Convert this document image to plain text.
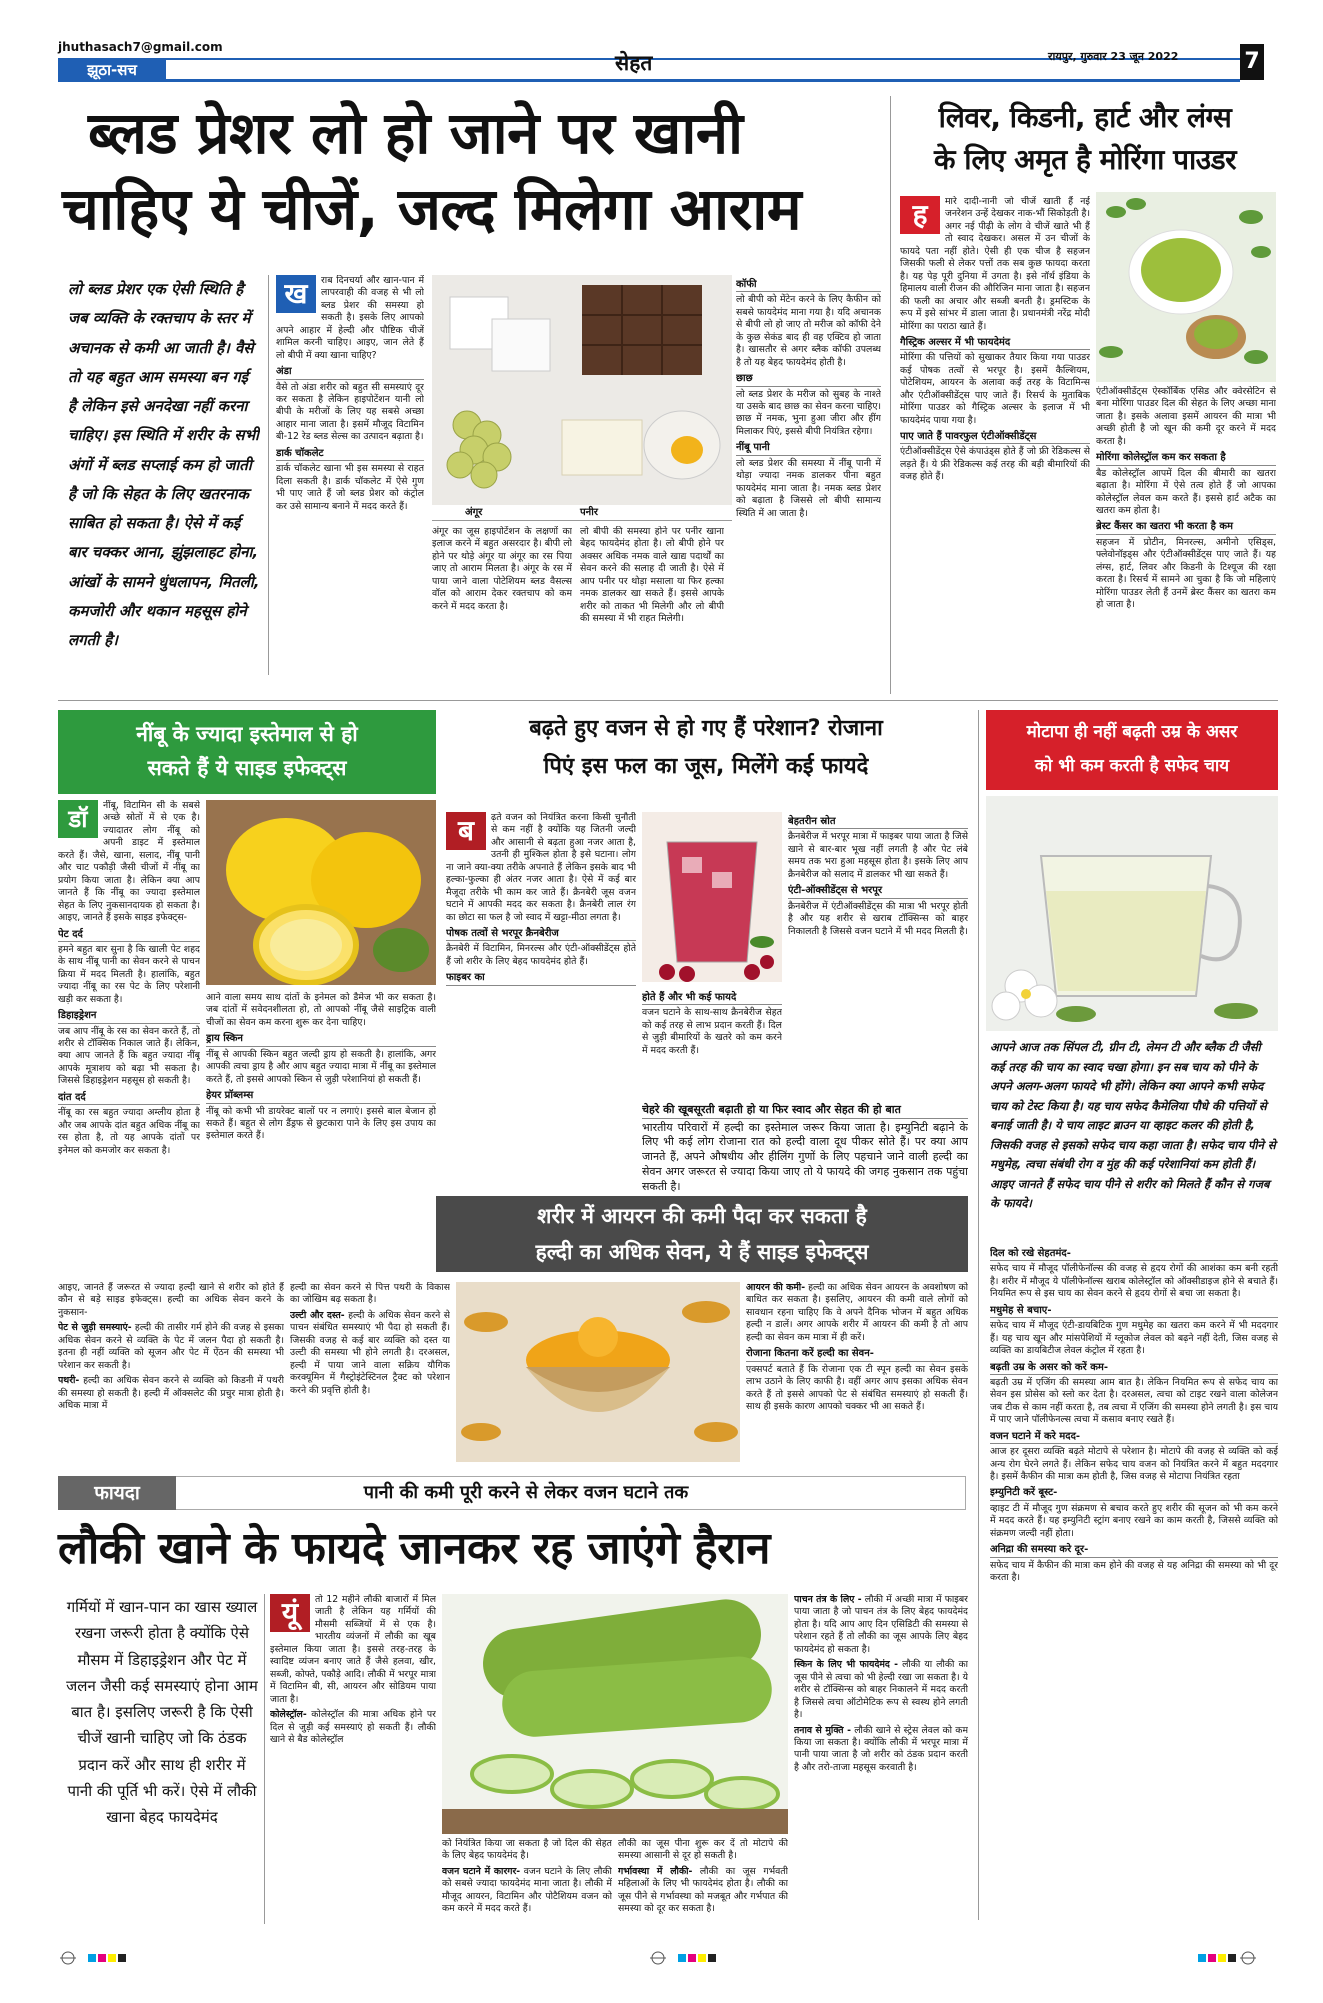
jhuthasach7@gmail.com
झूठा-सच	सेहत	रायपुर, गुरुवार 23 जून 2022	7
ब्लड प्रेशर लो हो जाने पर खानी
चाहिए ये चीजें, जल्द मिलेगा आराम
लो ब्लड प्रेशर एक ऐसी स्थिति है जब व्यक्ति के रक्तचाप के स्तर में अचानक से कमी आ जाती है। वैसे तो यह बहुत आम समस्या बन गई है लेकिन इसे अनदेखा नहीं करना चाहिए। इस स्थिति में शरीर के सभी अंगों में ब्लड सप्लाई कम हो जाती है जो कि सेहत के लिए खतरनाक साबित हो सकता है। ऐसे में कई बार चक्कर आना, झुंझलाहट होना, आंखों के सामने धुंधलापन, मितली, कमजोरी और थकान महसूस होने लगती है।
ख	राब दिनचर्या और खान-पान में लापरवाही की वजह से भी लो ब्लड प्रेशर की समस्या हो सकती है। इसके लिए आपको अपने आहार में हेल्दी और पौष्टिक चीजें शामिल करनी चाहिए। आइए, जान लेते हैं लो बीपी में क्या खाना चाहिए?

अंडा

वैसे तो अंडा शरीर को बहुत सी समस्याएं दूर कर सकता है लेकिन हाइपोटेंशन यानी लो बीपी के मरीजों के लिए यह सबसे अच्छा आहार माना जाता है। इसमें मौजूद विटामिन बी-12 रेड ब्लड सेल्स का उत्पादन बढ़ाता है।

डार्क चॉकलेट

डार्क चॉकलेट खाना भी इस समस्या से राहत दिला सकती है। डार्क चॉकलेट में ऐसे गुण भी पाए जाते हैं जो ब्लड प्रेशर को कंट्रोल कर उसे सामान्य बनाने में मदद करते हैं।

अंगूर	पनीर
अंगूर का जूस हाइपोटेंशन के लक्षणों का इलाज करने में बहुत असरदार है। बीपी लो होने पर थोड़े अंगूर या अंगूर का रस पिया जाए तो आराम मिलता है। अंगूर के रस में पाया जाने वाला पोटेशियम ब्लड वैसल्स वॉल को आराम देकर रक्तचाप को कम करने में मदद करता है।
लो बीपी की समस्या होने पर पनीर खाना बेहद फायदेमंद होता है। लो बीपी होने पर अक्सर अधिक नमक वाले खाद्य पदार्थों का सेवन करने की सलाह दी जाती है। ऐसे में आप पनीर पर थोड़ा मसाला या फिर हल्का नमक डालकर खा सकते हैं। इससे आपके शरीर को ताकत भी मिलेगी और लो बीपी की समस्या में भी राहत मिलेगी।
कॉफी

लो बीपी को मेंटेन करने के लिए कैफीन को सबसे फायदेमंद माना गया है। यदि अचानक से बीपी लो हो जाए तो मरीज को कॉफी देने के कुछ सेकंड बाद ही वह एक्टिव हो जाता है। खासतौर से अगर ब्लैक कॉफी उपलब्ध है तो यह बेहद फायदेमंद होती है।

छाछ

लो ब्लड प्रेशर के मरीज को सुबह के नाश्ते या उसके बाद छाछ का सेवन करना चाहिए। छाछ में नमक, भुना हुआ जीरा और हींग मिलाकर पिएं, इससे बीपी नियंत्रित रहेगा।

नींबू पानी

लो ब्लड प्रेशर की समस्या में नींबू पानी में थोड़ा ज्यादा नमक डालकर पीना बहुत फायदेमंद माना जाता है। नमक ब्लड प्रेशर को बढ़ाता है जिससे लो बीपी सामान्य स्थिति में आ जाता है।

लिवर, किडनी, हार्ट और लंग्स
के लिए अमृत है मोरिंगा पाउडर
ह	मारे दादी-नानी जो चीजें खाती हैं नई जनरेशन उन्हें देखकर नाक-भौं सिकोड़ती है। अगर नई पीढ़ी के लोग वे चीजें खाते भी हैं तो स्वाद देखकर। असल में उन चीजों के फायदे पता नहीं होते। ऐसी ही एक चीज है सहजन जिसकी फली से लेकर पत्तों तक सब कुछ फायदा करता है। यह पेड़ पूरी दुनिया में उगता है। इसे नॉर्थ इंडिया के हिमालय वाली रीजन की औरिजिन माना जाता है। सहजन की फली का अचार और सब्जी बनती है। ड्रमस्टिक के रूप में इसे सांभर में डाला जाता है। प्रधानमंत्री नरेंद्र मोदी मोरिंगा का पराठा खाते हैं।

गैस्ट्रिक अल्सर में भी फायदेमंद

मोरिंगा की पत्तियों को सुखाकर तैयार किया गया पाउडर कई पोषक तत्वों से भरपूर है। इसमें कैल्शियम, पोटेशियम, आयरन के अलावा कई तरह के विटामिन्स और एंटीऑक्सीडेंट्स पाए जाते हैं। रिसर्च के मुताबिक मोरिंगा पाउडर को गैस्ट्रिक अल्सर के इलाज में भी फायदेमंद पाया गया है।

पाए जाते हैं पावरफुल एंटीऑक्सीडेंट्स

एंटीऑक्सीडेंट्स ऐसे कंपाउंड्स होते हैं जो फ्री रेडिकल्स से लड़ते हैं। ये फ्री रेडिकल्स कई तरह की बड़ी बीमारियों की वजह होते हैं।

एंटीऑक्सीडेंट्स ऐस्कॉर्बिक एसिड और क्वेरसेटिन से बना मोरिंगा पाउडर दिल की सेहत के लिए अच्छा माना जाता है। इसके अलावा इसमें आयरन की मात्रा भी अच्छी होती है जो खून की कमी दूर करने में मदद करता है।

मोरिंगा कोलेस्ट्रॉल कम कर सकता है

बैड कोलेस्ट्रॉल आपमें दिल की बीमारी का खतरा बढ़ाता है। मोरिंगा में ऐसे तत्व होते हैं जो आपका कोलेस्ट्रॉल लेवल कम करते हैं। इससे हार्ट अटैक का खतरा कम होता है।

ब्रेस्ट कैंसर का खतरा भी करता है कम

सहजन में प्रोटीन, मिनरल्स, अमीनो एसिड्स, फ्लेवोनॉइड्स और एंटीऑक्सीडेंट्स पाए जाते हैं। यह लंग्स, हार्ट, लिवर और किडनी के टिश्यूज की रक्षा करता है। रिसर्च में सामने आ चुका है कि जो महिलाएं मोरिंगा पाउडर लेती हैं उनमें ब्रेस्ट कैंसर का खतरा कम हो जाता है।

नींबू के ज्यादा इस्तेमाल से हो
सकते हैं ये साइड इफेक्ट्स
डॉ	नींबू, विटामिन सी के सबसे अच्छे स्रोतों में से एक है। ज्यादातर लोग नींबू को अपनी डाइट में इस्तेमाल करते हैं। जैसे, खाना, सलाद, नींबू पानी और चाट पकौड़ी जैसी चीजों में नींबू का प्रयोग किया जाता है। लेकिन क्या आप जानते हैं कि नींबू का ज्यादा इस्तेमाल सेहत के लिए नुकसानदायक हो सकता है। आइए, जानते हैं इसके साइड इफेक्ट्स-

पेट दर्द

हमने बहुत बार सुना है कि खाली पेट शहद के साथ नींबू पानी का सेवन करने से पाचन क्रिया में मदद मिलती है। हालांकि, बहुत ज्यादा नींबू का रस पेट के लिए परेशानी खड़ी कर सकता है।

डिहाइड्रेशन

जब आप नींबू के रस का सेवन करते हैं, तो शरीर से टॉक्सिक निकाल जाते हैं। लेकिन, क्या आप जानते हैं कि बहुत ज्यादा नींबू आपके मूत्राशय को बढ़ा भी सकता है। जिससे डिहाइड्रेशन महसूस हो सकती है।

दांत दर्द

नींबू का रस बहुत ज्यादा अम्लीय होता है और जब आपके दांत बहुत अधिक नींबू का रस होता है, तो यह आपके दांतों पर इनेमल को कमजोर कर सकता है।

आने वाला समय साथ दांतों के इनेमल को डैमेज भी कर सकता है। जब दांतों में सवेदनशीलता हो, तो आपको नींबू जैसे साइट्रिक वाली चीजों का सेवन कम करना शुरू कर देना चाहिए।

ड्राय स्किन

नींबू से आपकी स्किन बहुत जल्दी ड्राय हो सकती है। हालांकि, अगर आपकी त्वचा ड्राय है और आप बहुत ज्यादा मात्रा में नींबू का इस्तेमाल करते हैं, तो इससे आपको स्किन से जुड़ी परेशानियां हो सकती हैं।

हेयर प्रॉब्लम्स

नींबू को कभी भी डायरेक्ट बालों पर न लगाएं। इससे बाल बेजान हो सकते हैं। बहुत से लोग डैंड्रफ से छुटकारा पाने के लिए इस उपाय का इस्तेमाल करते हैं।

बढ़ते हुए वजन से हो गए हैं परेशान? रोजाना
पिएं इस फल का जूस, मिलेंगे कई फायदे
ब	ढ़ते वजन को नियंत्रित करना किसी चुनौती से कम नहीं है क्योंकि यह जितनी जल्दी और आसानी से बढ़ता हुआ नजर आता है, उतनी ही मुश्किल होता है इसे घटाना। लोग ना जाने क्या-क्या तरीके अपनाते हैं लेकिन इसके बाद भी हल्का-फुल्का ही अंतर नजर आता है। ऐसे में कई बार मैजूदा तरीके भी काम कर जाते हैं। क्रैनबेरी जूस वजन घटाने में आपकी मदद कर सकता है। क्रैनबेरी लाल रंग का छोटा सा फल है जो स्वाद में खट्टा-मीठा लगता है।

पोषक तत्वों से भरपूर क्रैनबेरीज

क्रैनबेरी में विटामिन, मिनरल्स और एंटी-ऑक्सीडेंट्स होते हैं जो शरीर के लिए बेहद फायदेमंद होते हैं।

फाइबर का
बेहतरीन स्रोत

क्रैनबेरीज में भरपूर मात्रा में फाइबर पाया जाता है जिसे खाने से बार-बार भूख नहीं लगती है और पेट लंबे समय तक भरा हुआ महसूस होता है। इसके लिए आप क्रैनबेरीज को सलाद में डालकर भी खा सकते हैं।

एंटी-ऑक्सीडेंट्स से भरपूर

क्रैनबेरीज में एंटीऑक्सीडेंट्स की मात्रा भी भरपूर होती है और यह शरीर से खराब टॉक्सिन्स को बाहर निकालती है जिससे वजन घटाने में भी मदद मिलती है।

होते हैं और भी कई फायदे

वजन घटाने के साथ-साथ क्रैनबेरीज सेहत को कई तरह से लाभ प्रदान करती हैं। दिल से जुड़ी बीमारियों के खतरे को कम करने में मदद करती हैं।

चेहरे की खूबसूरती बढ़ाती हो या फिर स्वाद और सेहत की हो बात

भारतीय परिवारों में हल्दी का इस्तेमाल जरूर किया जाता है। इम्युनिटी बढ़ाने के लिए भी कई लोग रोजाना रात को हल्दी वाला दूध पीकर सोते हैं। पर क्या आप जानते हैं, अपने औषधीय और हीलिंग गुणों के लिए पहचाने जाने वाली हल्दी का सेवन अगर जरूरत से ज्यादा किया जाए तो ये फायदे की जगह नुकसान तक पहुंचा सकती है।

शरीर में आयरन की कमी पैदा कर सकता है
हल्दी का अधिक सेवन, ये हैं साइड इफेक्ट्स

आइए, जानते हैं जरूरत से ज्यादा हल्दी खाने से शरीर को होते हैं कौन से बड़े साइड इफेक्ट्स। हल्दी का अधिक सेवन करने के नुकसान-

पेट से जुड़ी समस्याएं- हल्दी की तासीर गर्म होने की वजह से इसका अधिक सेवन करने से व्यक्ति के पेट में जलन पैदा हो सकती है। इतना ही नहीं व्यक्ति को सूजन और पेट में ऐंठन की समस्या भी परेशान कर सकती है।

पथरी- हल्दी का अधिक सेवन करने से व्यक्ति को किडनी में पथरी की समस्या हो सकती है। हल्दी में ऑक्सलेट की प्रचुर मात्रा होती है। अधिक मात्रा में

हल्दी का सेवन करने से पित्त पथरी के विकास का जोखिम बढ़ सकता है।

उल्टी और दस्त- हल्दी के अधिक सेवन करने से पाचन संबंधित समस्याएं भी पैदा हो सकती हैं। जिसकी वजह से कई बार व्यक्ति को दस्त या उल्टी की समस्या भी होने लगती है। दरअसल, हल्दी में पाया जाने वाला सक्रिय यौगिक करक्यूमिन में गैस्ट्रोइंटेस्टिनल ट्रैक्ट को परेशान करने की प्रवृत्ति होती है।

आयरन की कमी- हल्दी का अधिक सेवन आयरन के अवशोषण को बाधित कर सकता है। इसलिए, आयरन की कमी वाले लोगों को सावधान रहना चाहिए कि वे अपने दैनिक भोजन में बहुत अधिक हल्दी न डालें। अगर आपके शरीर में आयरन की कमी है तो आप हल्दी का सेवन कम मात्रा में ही करें।

रोजाना कितना करें हल्दी का सेवन-

एक्सपर्ट बताते हैं कि रोजाना एक टी स्पून हल्दी का सेवन इसके लाभ उठाने के लिए काफी है। वहीं अगर आप इसका अधिक सेवन करते हैं तो इससे आपको पेट से संबंधित समस्याएं हो सकती हैं। साथ ही इसके कारण आपको चक्कर भी आ सकते हैं।

मोटापा ही नहीं बढ़ती उम्र के असर
को भी कम करती है सफेद चाय
आपने आज तक सिंपल टी, ग्रीन टी, लेमन टी और ब्लैक टी जैसी कई तरह की चाय का स्वाद चखा होगा। इन सब चाय को पीने के अपने अलग-अलग फायदे भी होंगे। लेकिन क्या आपने कभी सफेद चाय को टेस्ट किया है। यह चाय सफेद कैमेलिया पौधे की पत्तियों से बनाई जाती है। ये चाय लाइट ब्राउन या व्हाइट कलर की होती है, जिसकी वजह से इसको सफेद चाय कहा जाता है। सफेद चाय पीने से मधुमेह, त्वचा संबंधी रोग व मुंह की कई परेशानियां कम होती हैं। आइए जानते हैं सफेद चाय पीने से शरीर को मिलते हैं कौन से गजब के फायदे।
दिल को रखे सेहतमंद-

सफेद चाय में मौजूद पॉलीफेनॉल्स की वजह से हृदय रोगों की आशंका कम बनी रहती है। शरीर में मौजूद ये पॉलीफेनॉल्स खराब कोलेस्ट्रॉल को ऑक्सीडाइज होने से बचाते हैं। नियमित रूप से इस चाय का सेवन करने से हृदय रोगों से बचा जा सकता है।

मधुमेह से बचाए-

सफेद चाय में मौजूद एंटी-डायबिटिक गुण मधुमेह का खतरा कम करने में भी मददगार हैं। यह चाय खून और मांसपेशियों में ग्लूकोज लेवल को बढ़ने नहीं देती, जिस वजह से व्यक्ति का डायबिटीज लेवल कंट्रोल में रहता है।

बढ़ती उम्र के असर को करें कम-

बढ़ती उम्र में एजिंग की समस्या आम बात है। लेकिन नियमित रूप से सफेद चाय का सेवन इस प्रोसेस को स्लो कर देता है। दरअसल, त्वचा को टाइट रखने वाला कोलेजन जब टीक से काम नहीं करता है, तब त्वचा में एजिंग की समस्या होने लगती है। इस चाय में पाए जाने पॉलीफेनल्स त्वचा में कसाव बनाए रखते हैं।

वजन घटाने में करे मदद-

आज हर दूसरा व्यक्ति बढ़ते मोटापे से परेशान है। मोटापे की वजह से व्यक्ति को कई अन्य रोग घेरने लगते हैं। लेकिन सफेद चाय वजन को नियंत्रित करने में बहुत मददगार है। इसमें कैफीन की मात्रा कम होती है, जिस वजह से मोटापा नियंत्रित रहता

इम्युनिटी करें बूस्ट-

व्हाइट टी में मौजूद गुण संक्रमण से बचाव करते हुए शरीर की सूजन को भी कम करने में मदद करते हैं। यह इम्युनिटी स्ट्रांग बनाए रखने का काम करती है, जिससे व्यक्ति को संक्रमण जल्दी नहीं होता।

अनिद्रा की समस्या करे दूर-

सफेद चाय में कैफीन की मात्रा कम होने की वजह से यह अनिद्रा की समस्या को भी दूर करता है।

फायदा	पानी की कमी पूरी करने से लेकर वजन घटाने तक
लौकी खाने के फायदे जानकर रह जाएंगे हैरान
गर्मियों में खान-पान का खास ख्याल रखना जरूरी होता है क्योंकि ऐसे मौसम में डिहाइड्रेशन और पेट में जलन जैसी कई समस्याएं होना आम बात है। इसलिए जरूरी है कि ऐसी चीजें खानी चाहिए जो कि ठंडक प्रदान करें और साथ ही शरीर में पानी की पूर्ति भी करें। ऐसे में लौकी खाना बेहद फायदेमंद
यूं	तो 12 महीने लौकी बाजारों में मिल जाती है लेकिन यह गर्मियों की मौसमी सब्जियों में से एक है। भारतीय व्यंजनों में लौकी का खूब इस्तेमाल किया जाता है। इससे तरह-तरह के स्वादिष्ट व्यंजन बनाए जाते हैं जैसे हलवा, खीर, सब्जी, कोफ्ते, पकौड़े आदि। लौकी में भरपूर मात्रा में विटामिन बी, सी, आयरन और सोडियम पाया जाता है।

कोलेस्ट्रॉल- कोलेस्ट्रॉल की मात्रा अधिक होने पर दिल से जुड़ी कई समस्याएं हो सकती हैं। लौकी खाने से बैड कोलेस्ट्रॉल

को नियंत्रित किया जा सकता है जो दिल की सेहत के लिए बेहद फायदेमंद है।

वजन घटाने में कारगर- वजन घटाने के लिए लौकी को सबसे ज्यादा फायदेमंद माना जाता है। लौकी में मौजूद आयरन, विटामिन और पोटैशियम वजन को कम करने में मदद करते हैं।

लौकी का जूस पीना शुरू कर दें तो मोटापे की समस्या आसानी से दूर हो सकती है।

गर्भावस्था में लौकी- लौकी का जूस गर्भवती महिलाओं के लिए भी फायदेमंद होता है। लौकी का जूस पीने से गर्भावस्था को मजबूत और गर्भपात की समस्या को दूर कर सकता है।

पाचन तंत्र के लिए - लौकी में अच्छी मात्रा में फाइबर पाया जाता है जो पाचन तंत्र के लिए बेहद फायदेमंद होता है। यदि आप आए दिन एसिडिटी की समस्या से परेशान रहते हैं तो लौकी का जूस आपके लिए बेहद फायदेमंद हो सकता है।

स्किन के लिए भी फायदेमंद - लौकी या लौकी का जूस पीने से त्वचा को भी हेल्दी रखा जा सकता है। ये शरीर से टॉक्सिन्स को बाहर निकालने में मदद करती है जिससे त्वचा ऑटोमेटिक रूप से स्वस्थ होने लगती है।

तनाव से मुक्ति - लौकी खाने से स्ट्रेस लेवल को कम किया जा सकता है। क्योंकि लौकी में भरपूर मात्रा में पानी पाया जाता है जो शरीर को ठंडक प्रदान करती है और तरो-ताजा महसूस करवाती है।
